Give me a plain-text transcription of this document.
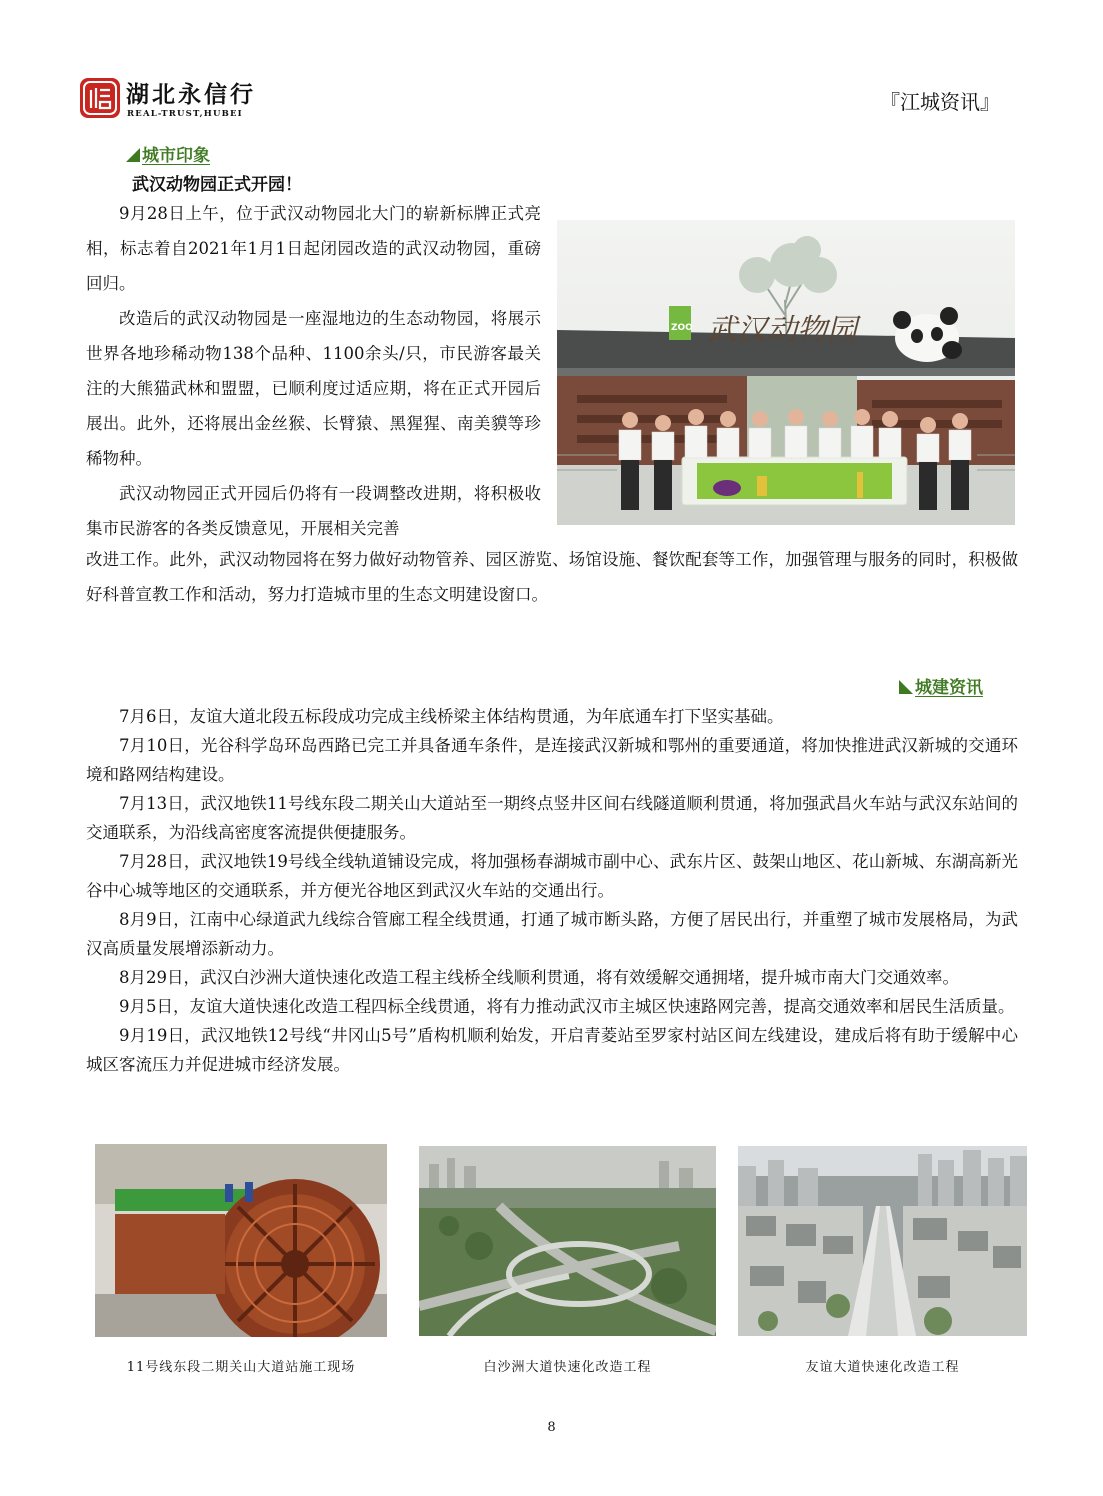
湖北永信行
REAL-TRUST,HUBEI	『江城资讯』
城市印象
武汉动物园正式开园！

9月28日上午，位于武汉动物园北大门的崭新标牌正式亮相，标志着自2021年1月1日起闭园改造的武汉动物园，重磅回归。

改造后的武汉动物园是一座湿地边的生态动物园，将展示世界各地珍稀动物138个品种、1100余头/只，市民游客最关注的大熊猫武林和盟盟，已顺利度过适应期，将在正式开园后展出。此外，还将展出金丝猴、长臂猿、黑猩猩、南美貘等珍稀物种。

武汉动物园正式开园后仍将有一段调整改进期，将积极收集市民游客的各类反馈意见，开展相关完善

改进工作。此外，武汉动物园将在努力做好动物管养、园区游览、场馆设施、餐饮配套等工作，加强管理与服务的同时，积极做好科普宣教工作和活动，努力打造城市里的生态文明建设窗口。

武汉动物园
ZOO
城建资讯

7月6日，友谊大道北段五标段成功完成主线桥梁主体结构贯通，为年底通车打下坚实基础。

7月10日，光谷科学岛环岛西路已完工并具备通车条件，是连接武汉新城和鄂州的重要通道，将加快推进武汉新城的交通环境和路网结构建设。

7月13日，武汉地铁11号线东段二期关山大道站至一期终点竖井区间右线隧道顺利贯通，将加强武昌火车站与武汉东站间的交通联系，为沿线高密度客流提供便捷服务。

7月28日，武汉地铁19号线全线轨道铺设完成，将加强杨春湖城市副中心、武东片区、鼓架山地区、花山新城、东湖高新光谷中心城等地区的交通联系，并方便光谷地区到武汉火车站的交通出行。

8月9日，江南中心绿道武九线综合管廊工程全线贯通，打通了城市断头路，方便了居民出行，并重塑了城市发展格局，为武汉高质量发展增添新动力。

8月29日，武汉白沙洲大道快速化改造工程主线桥全线顺利贯通，将有效缓解交通拥堵，提升城市南大门交通效率。

9月5日，友谊大道快速化改造工程四标全线贯通，将有力推动武汉市主城区快速路网完善，提高交通效率和居民生活质量。

9月19日，武汉地铁12号线“井冈山5号”盾构机顺利始发，开启青菱站至罗家村站区间左线建设，建成后将有助于缓解中心城区客流压力并促进城市经济发展。

11号线东段二期关山大道站施工现场	白沙洲大道快速化改造工程	友谊大道快速化改造工程
8
